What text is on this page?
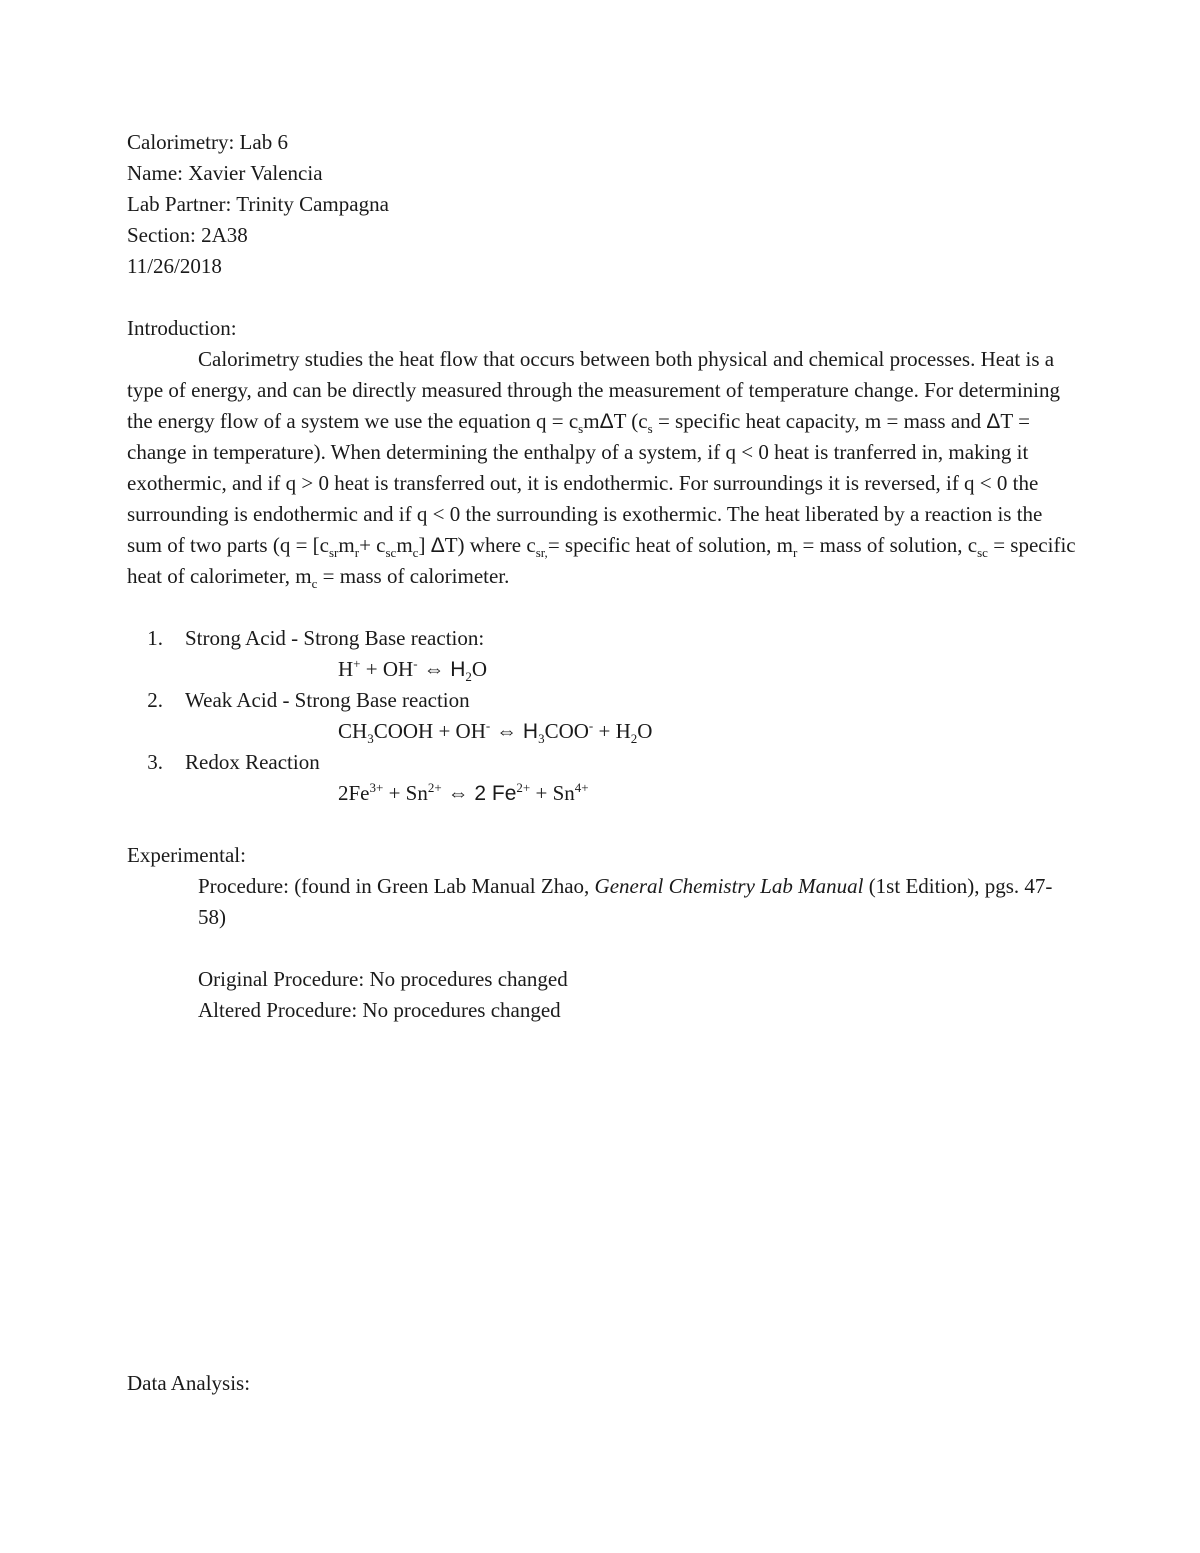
Calorimetry: Lab 6
Name: Xavier Valencia
Lab Partner: Trinity Campagna
Section: 2A38
11/26/2018
Introduction:

Calorimetry studies the heat flow that occurs between both physical and chemical processes. Heat is a type of energy, and can be directly measured through the measurement of temperature change. For determining the energy flow of a system we use the equation $q = c_sm\Delta T$ ($c_s$ = specific heat capacity, m = mass and ΔT = change in temperature). When determining the enthalpy of a system, if q < 0 heat is tranferred in, making it exothermic, and if q > 0 heat is transferred out, it is endothermic. For surroundings it is reversed, if q < 0 the surrounding is endothermic and if q < 0 the surrounding is exothermic. The heat liberated by a reaction is the sum of two parts ($q = [c_{sr}m_r+ c_{sc}m_c]$ ΔT) where $c_{sr,}=$ specific heat of solution, $m_r$ = mass of solution, $c_{sc}$ = specific heat of calorimeter, $m_c$ = mass of calorimeter.

1. Strong Acid - Strong Base reaction:
H+ + OH- ⇔ $H_2O$
2. Weak Acid - Strong Base reaction
$CH_3COOH + OH^-$ ⇔ $H_3COO^- + H_2O$
3. Redox Reaction
$2Fe^{3+} + Sn^{2+}$ ⇔ 2 $Fe^{2+} + Sn^{4+}$
Experimental:
Procedure: (found in Green Lab Manual Zhao, General Chemistry Lab Manual (1st Edition), pgs. 47-58)
Original Procedure: No procedures changed
Altered Procedure: No procedures changed
Data Analysis:
